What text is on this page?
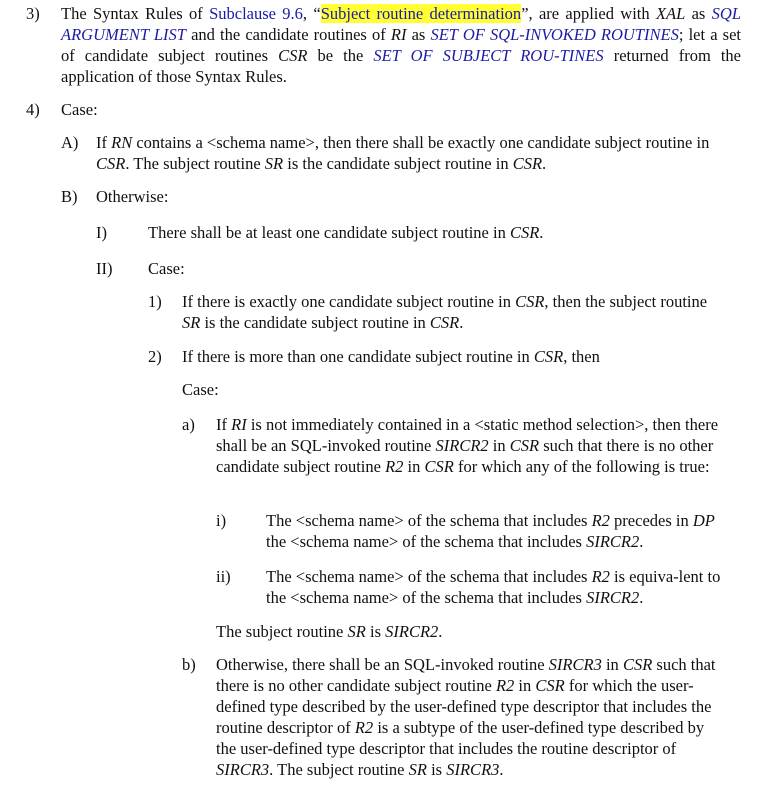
3) The Syntax Rules of Subclause 9.6, “Subject routine determination”, are applied with XAL as SQL ARGUMENT LIST and the candidate routines of RI as SET OF SQL-INVOKED ROUTINES; let a set of candidate subject routines CSR be the SET OF SUBJECT ROU-TINES returned from the application of those Syntax Rules.
4) Case:
A) If RN contains a <schema name>, then there shall be exactly one candidate subject routine in CSR. The subject routine SR is the candidate subject routine in CSR.
B) Otherwise:
I) There shall be at least one candidate subject routine in CSR.
II) Case:
1) If there is exactly one candidate subject routine in CSR, then the subject routine SR is the candidate subject routine in CSR.
2) If there is more than one candidate subject routine in CSR, then
Case:
a) If RI is not immediately contained in a <static method selection>, then there shall be an SQL-invoked routine SIRCR2 in CSR such that there is no other candidate subject routine R2 in CSR for which any of the following is true:
i) The <schema name> of the schema that includes R2 precedes in DP the <schema name> of the schema that includes SIRCR2.
ii) The <schema name> of the schema that includes R2 is equiva-lent to the <schema name> of the schema that includes SIRCR2.
The subject routine SR is SIRCR2.
b) Otherwise, there shall be an SQL-invoked routine SIRCR3 in CSR such that there is no other candidate subject routine R2 in CSR for which the user-defined type described by the user-defined type descriptor that includes the routine descriptor of R2 is a subtype of the user-defined type described by the user-defined type descriptor that includes the routine descriptor of SIRCR3. The subject routine SR is SIRCR3.
